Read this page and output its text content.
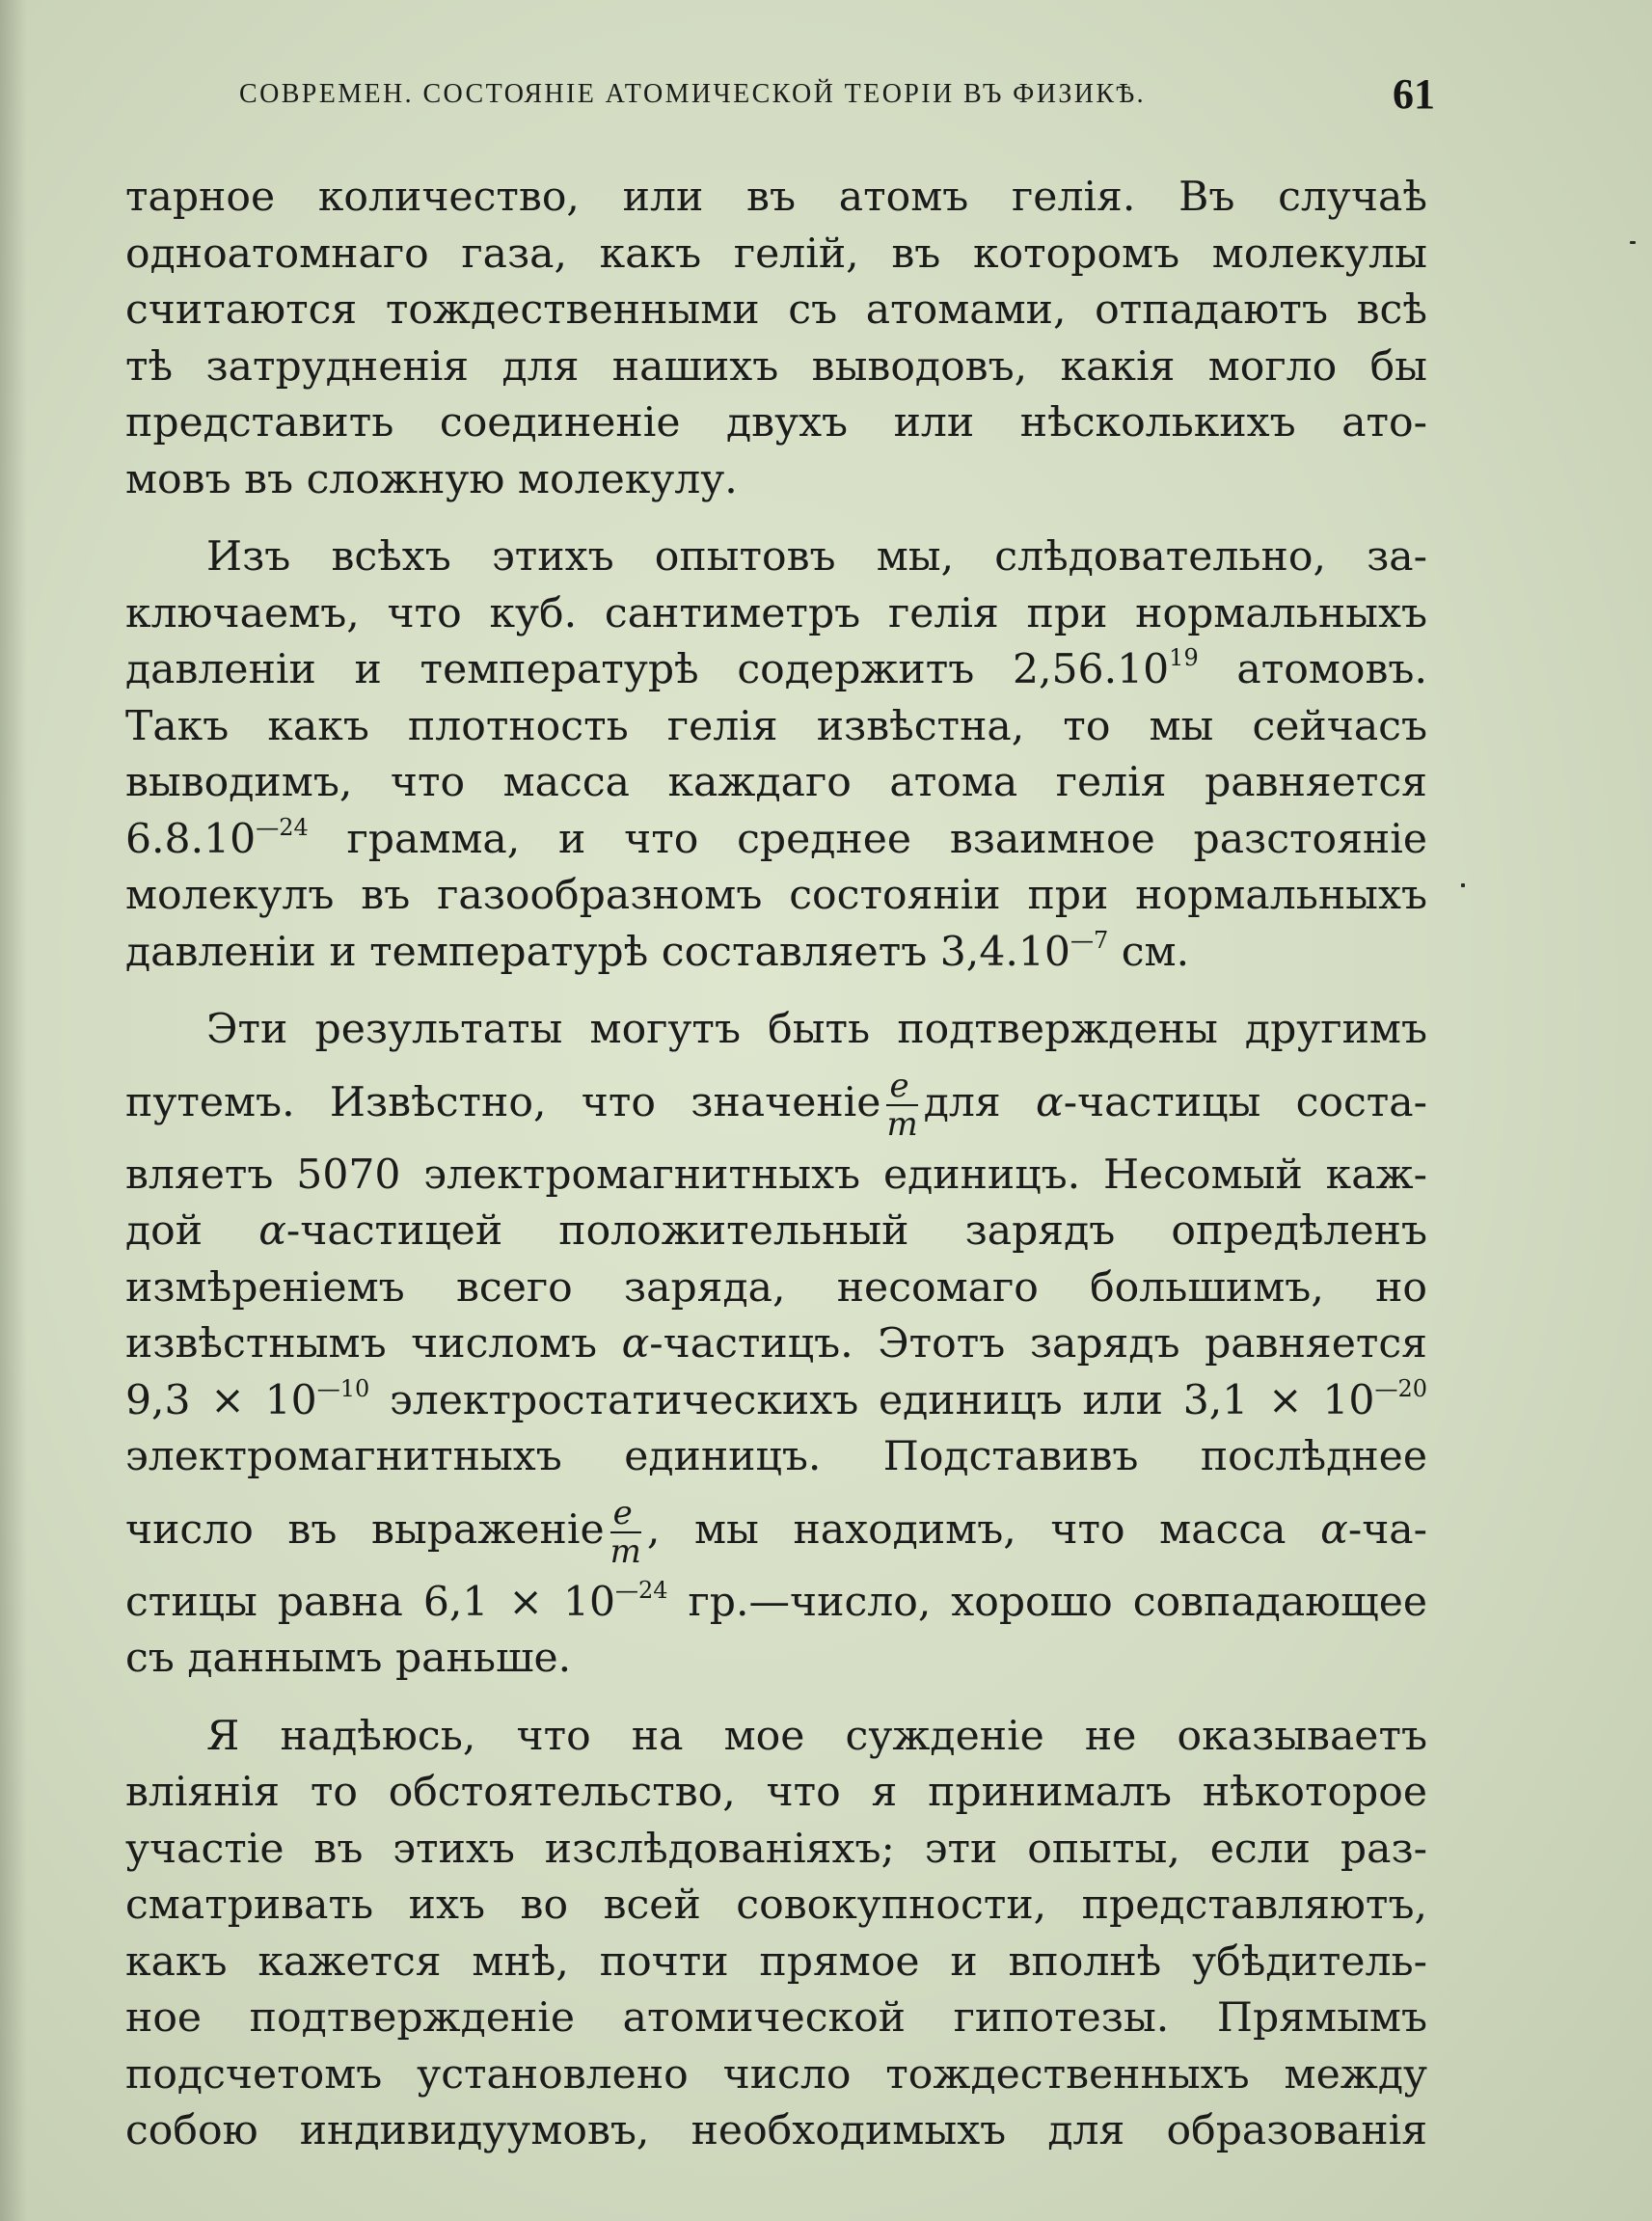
СОВРЕМЕН. СОСТОЯНІЕ АТОМИЧЕСКОЙ ТЕОРІИ ВЪ ФИЗИКѢ.	61
тарное количество, или въ атомъ гелія. Въ случаѣ
одноатомнаго газа, какъ гелій, въ которомъ молекулы
считаются тождественными съ атомами, отпадаютъ всѣ
тѣ затрудненія для нашихъ выводовъ, какія могло бы
представить соединеніе двухъ или нѣсколькихъ ато-
мовъ въ сложную молекулу.
Изъ всѣхъ этихъ опытовъ мы, слѣдовательно, за-
ключаемъ, что куб. сантиметръ гелія при нормальныхъ
давленіи и температурѣ содержитъ 2,56.10$^{19}$ атомовъ.
Такъ какъ плотность гелія извѣстна, то мы сейчасъ
выводимъ, что масса каждаго атома гелія равняется
$6.8.10^{—24}$ грамма, и что среднее взаимное разстояніе
молекулъ въ газообразномъ состояніи при нормальныхъ
давленіи и температурѣ составляетъ $3,4.10^{—7}$ см.
Эти результаты могутъ быть подтверждены другимъ
путемъ. Извѣстно, что значеніе $\frac{e}{m}$ для α-частицы соста-
вляетъ 5070 электромагнитныхъ единицъ. Несомый каж-
дой α-частицей положительный зарядъ опредѣленъ
измѣреніемъ всего заряда, несомаго большимъ, но
извѣстнымъ числомъ α-частицъ. Этотъ зарядъ равняется
$9,3 \times 10^{—10}$ электростатическихъ единицъ или $3,1 \times 10^{—20}$
электромагнитныхъ единицъ. Подставивъ послѣднее
число въ выраженіе $\frac{e}{m}$ , мы находимъ, что масса α-ча-
стицы равна $6,1 \times 10^{—24}$ гр.—число, хорошо совпадающее
съ даннымъ раньше.
Я надѣюсь, что на мое сужденіе не оказываетъ
вліянія то обстоятельство, что я принималъ нѣкоторое
участіе въ этихъ изслѣдованіяхъ; эти опыты, если раз-
сматривать ихъ во всей совокупности, представляютъ,
какъ кажется мнѣ, почти прямое и вполнѣ убѣдитель-
ное подтвержденіе атомической гипотезы. Прямымъ
подсчетомъ установлено число тождественныхъ между
собою индивидуумовъ, необходимыхъ для образованія
